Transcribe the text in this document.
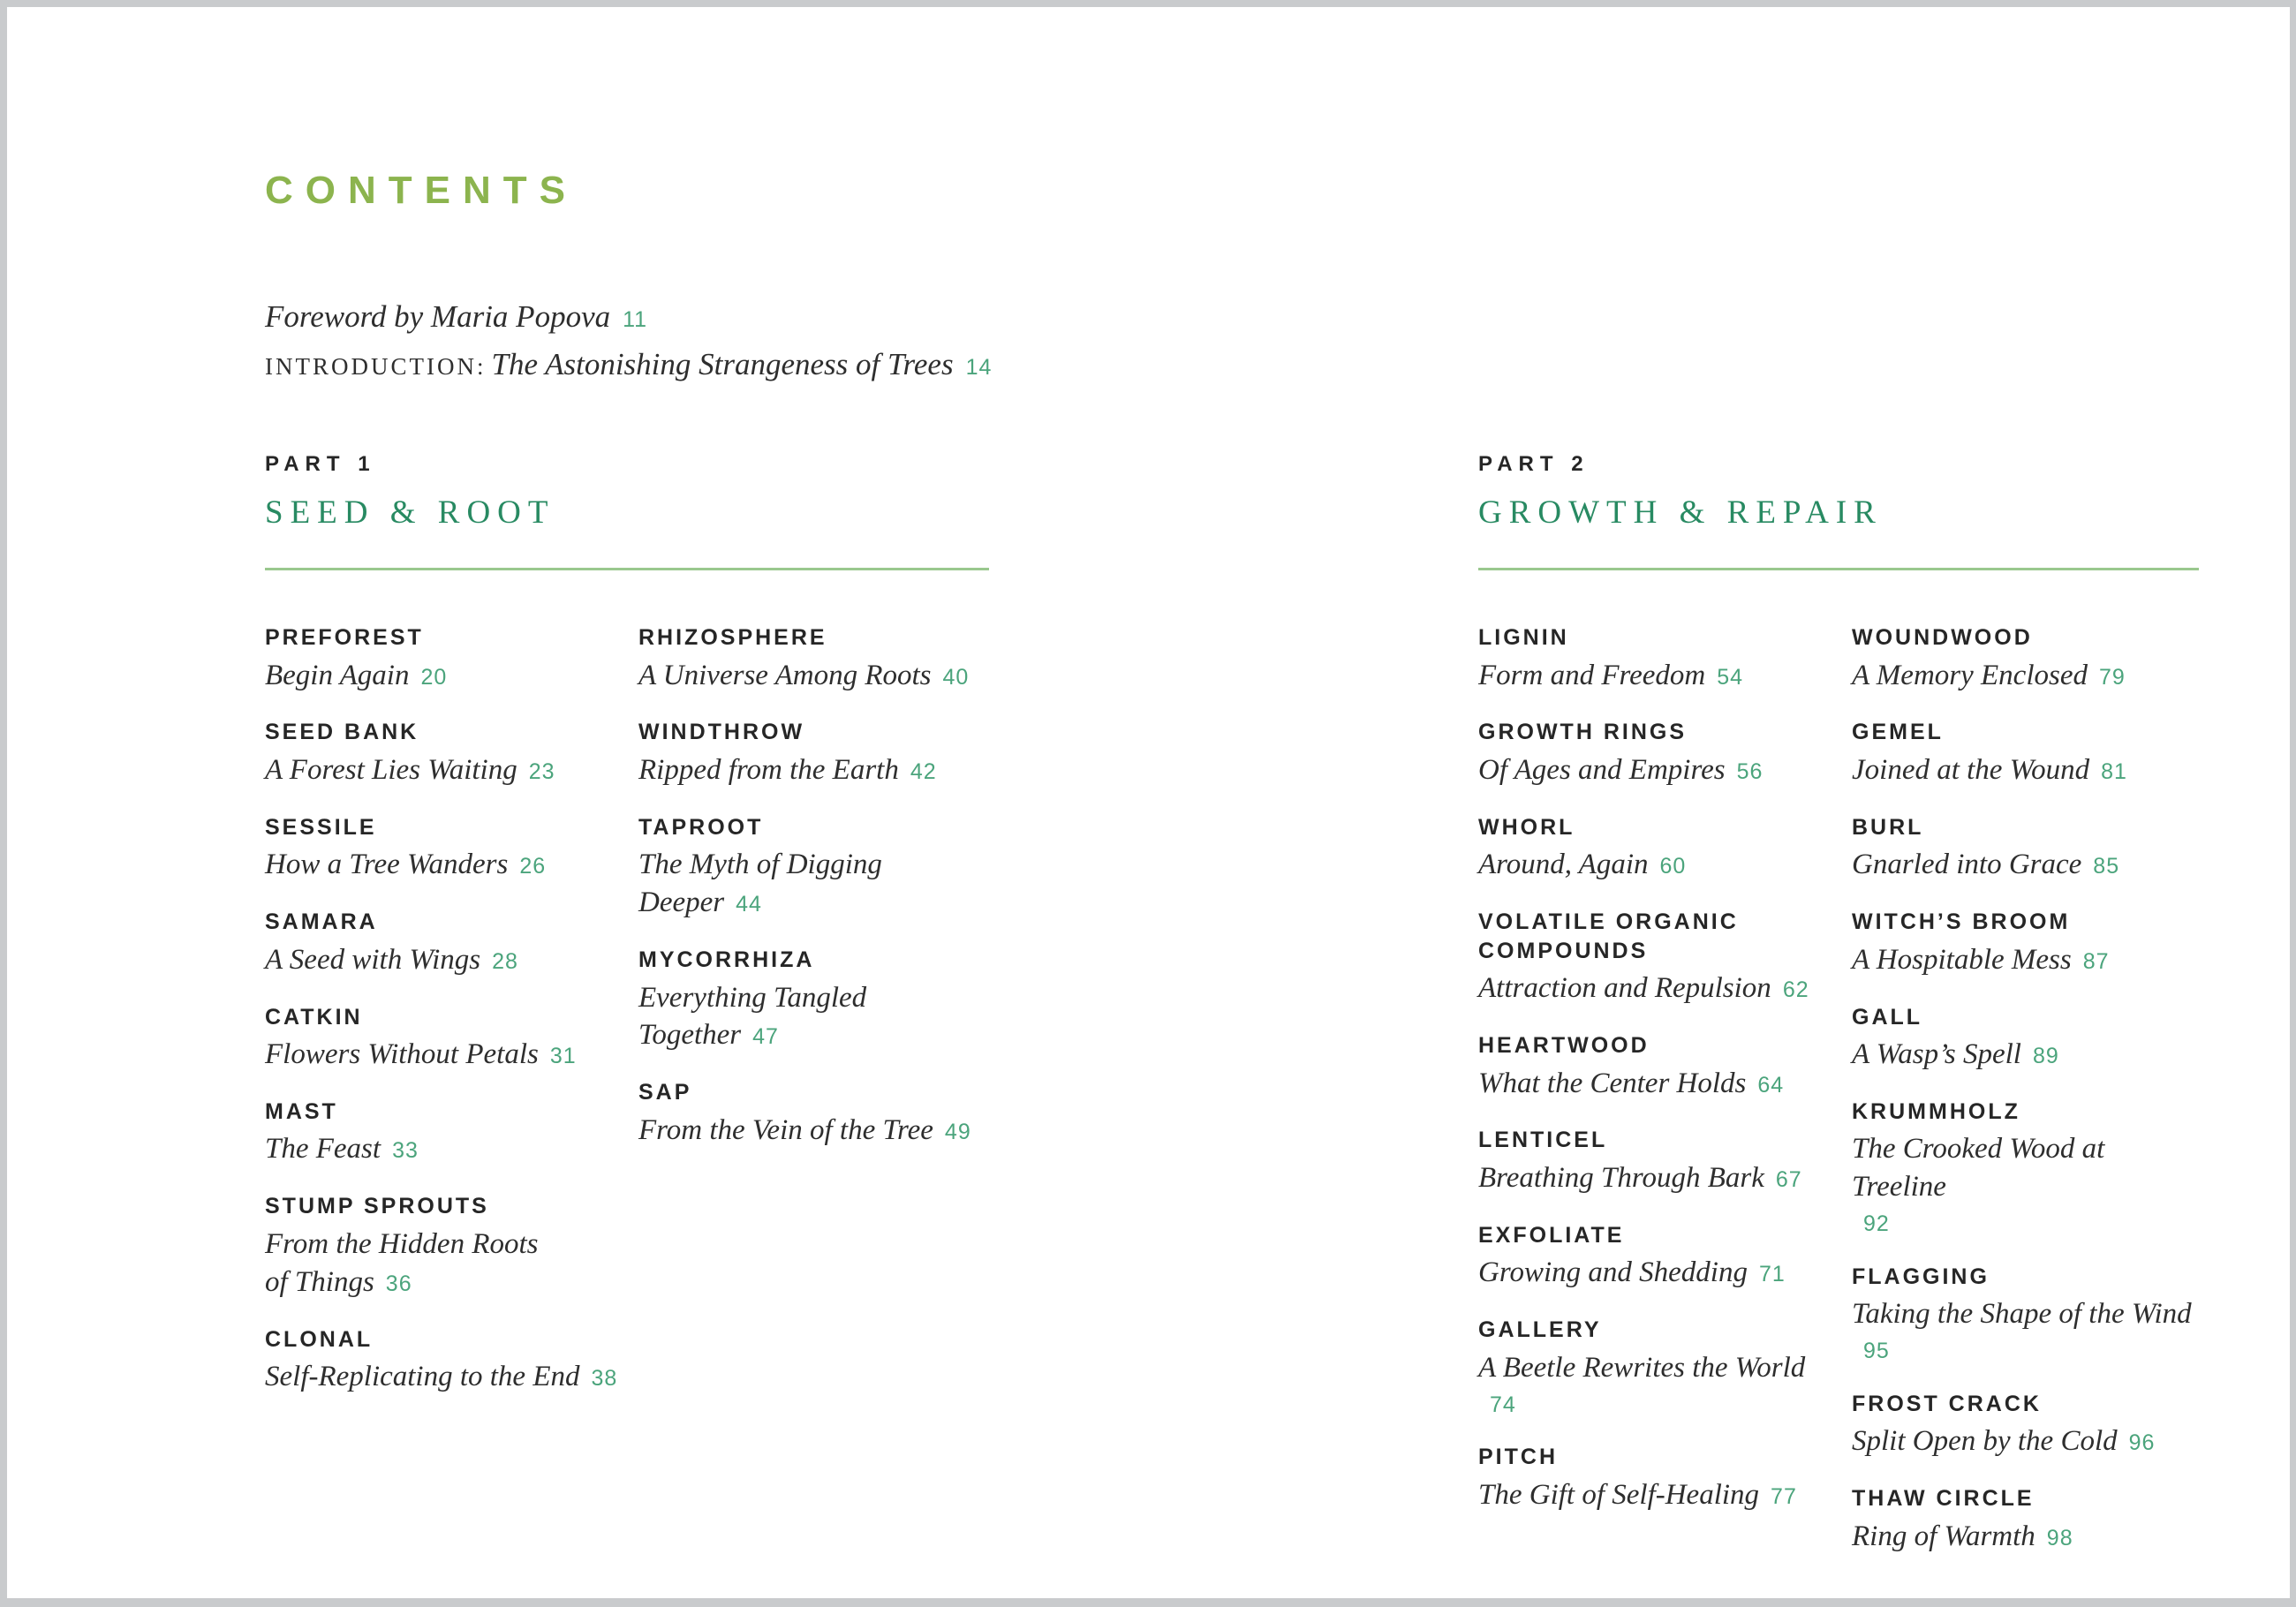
CONTENTS
Foreword by Maria Popova 11
INTRODUCTION: The Astonishing Strangeness of Trees 14
PART 1
SEED & ROOT
PREFOREST
Begin Again 20
SEED BANK
A Forest Lies Waiting 23
SESSILE
How a Tree Wanders 26
SAMARA
A Seed with Wings 28
CATKIN
Flowers Without Petals 31
MAST
The Feast 33
STUMP SPROUTS
From the Hidden Roots
of Things 36
CLONAL
Self-Replicating to the End 38
RHIZOSPHERE
A Universe Among Roots 40
WINDTHROW
Ripped from the Earth 42
TAPROOT
The Myth of Digging Deeper 44
MYCORRHIZA
Everything Tangled Together 47
SAP
From the Vein of the Tree 49
PART 2
GROWTH & REPAIR
LIGNIN
Form and Freedom 54
GROWTH RINGS
Of Ages and Empires 56
WHORL
Around, Again 60
VOLATILE ORGANIC
COMPOUNDS
Attraction and Repulsion 62
HEARTWOOD
What the Center Holds 64
LENTICEL
Breathing Through Bark 67
EXFOLIATE
Growing and Shedding 71
GALLERY
A Beetle Rewrites the World
74
PITCH
The Gift of Self-Healing 77
WOUNDWOOD
A Memory Enclosed 79
GEMEL
Joined at the Wound 81
BURL
Gnarled into Grace 85
WITCH’S BROOM
A Hospitable Mess 87
GALL
A Wasp’s Spell 89
KRUMMHOLZ
The Crooked Wood at Treeline
92
FLAGGING
Taking the Shape of the Wind
95
FROST CRACK
Split Open by the Cold 96
THAW CIRCLE
Ring of Warmth 98
